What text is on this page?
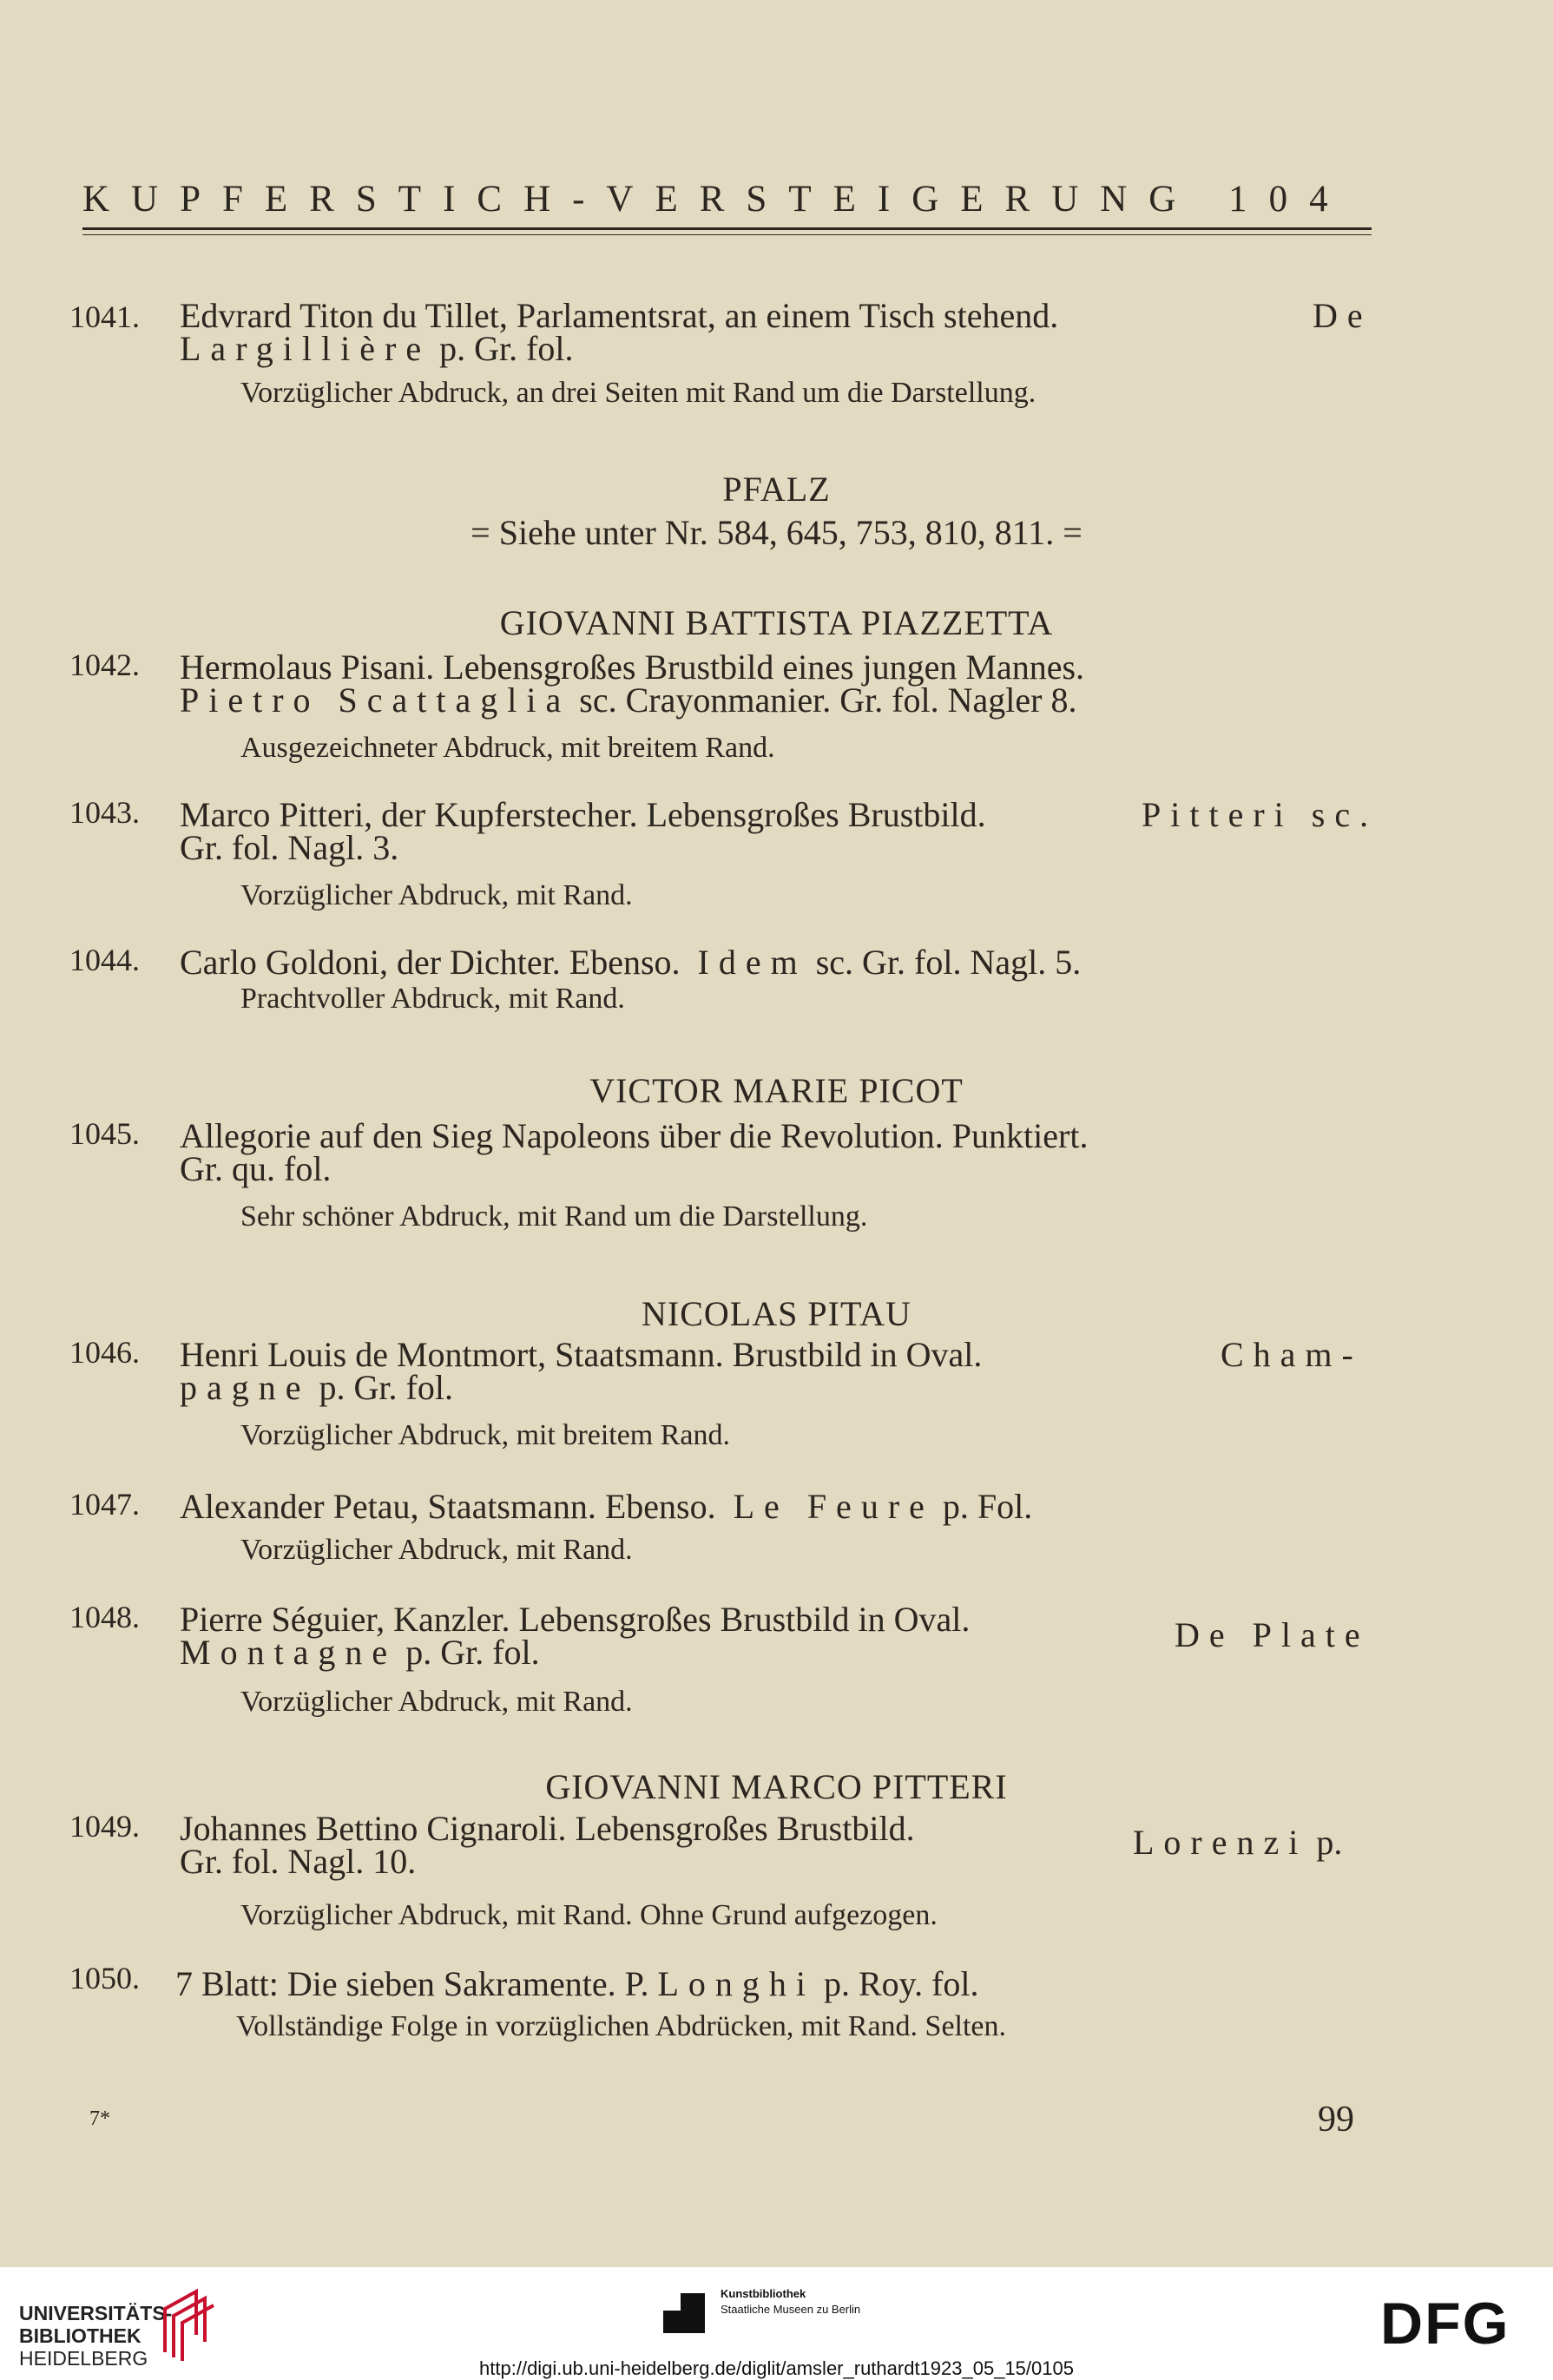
KUPFERSTICH-VERSTEIGERUNG 104
1041. Edvrard Titon du Tillet, Parlamentsrat, an einem Tisch stehend.	De
Largillière p. Gr. fol.
Vorzüglicher Abdruck, an drei Seiten mit Rand um die Darstellung.
PFALZ
= Siehe unter Nr. 584, 645, 753, 810, 811. =
GIOVANNI BATTISTA PIAZZETTA
1042. Hermolaus Pisani. Lebensgroßes Brustbild eines jungen Mannes.
Pietro Scattaglia sc. Crayonmanier. Gr. fol. Nagler 8.
Ausgezeichneter Abdruck, mit breitem Rand.
1043. Marco Pitteri, der Kupferstecher. Lebensgroßes Brustbild.	Pitteri sc.
Gr. fol. Nagl. 3.
Vorzüglicher Abdruck, mit Rand.
1044. Carlo Goldoni, der Dichter. Ebenso. Idem sc. Gr. fol. Nagl. 5.
Prachtvoller Abdruck, mit Rand.
VICTOR MARIE PICOT
1045. Allegorie auf den Sieg Napoleons über die Revolution. Punktiert.
Gr. qu. fol.
Sehr schöner Abdruck, mit Rand um die Darstellung.
NICOLAS PITAU
1046. Henri Louis de Montmort, Staatsmann. Brustbild in Oval.	Cham-
pagne p. Gr. fol.
Vorzüglicher Abdruck, mit breitem Rand.
1047. Alexander Petau, Staatsmann. Ebenso. Le Feure p. Fol.
Vorzüglicher Abdruck, mit Rand.
1048. Pierre Séguier, Kanzler. Lebensgroßes Brustbild in Oval.	De Plate
Montagne p. Gr. fol.
Vorzüglicher Abdruck, mit Rand.
GIOVANNI MARCO PITTERI
1049. Johannes Bettino Cignaroli. Lebensgroßes Brustbild.	Lorenzi p.
Gr. fol. Nagl. 10.
Vorzüglicher Abdruck, mit Rand. Ohne Grund aufgezogen.
1050. 7 Blatt: Die sieben Sakramente. P. Longhi p. Roy. fol.
Vollständige Folge in vorzüglichen Abdrücken, mit Rand. Selten.
7*	99
UNIVERSITÄTS-
BIBLIOTHEK
HEIDELBERG
Kunstbibliothek
Staatliche Museen zu Berlin	DFG
http://digi.ub.uni-heidelberg.de/diglit/amsler_ruthardt1923_05_15/0105
